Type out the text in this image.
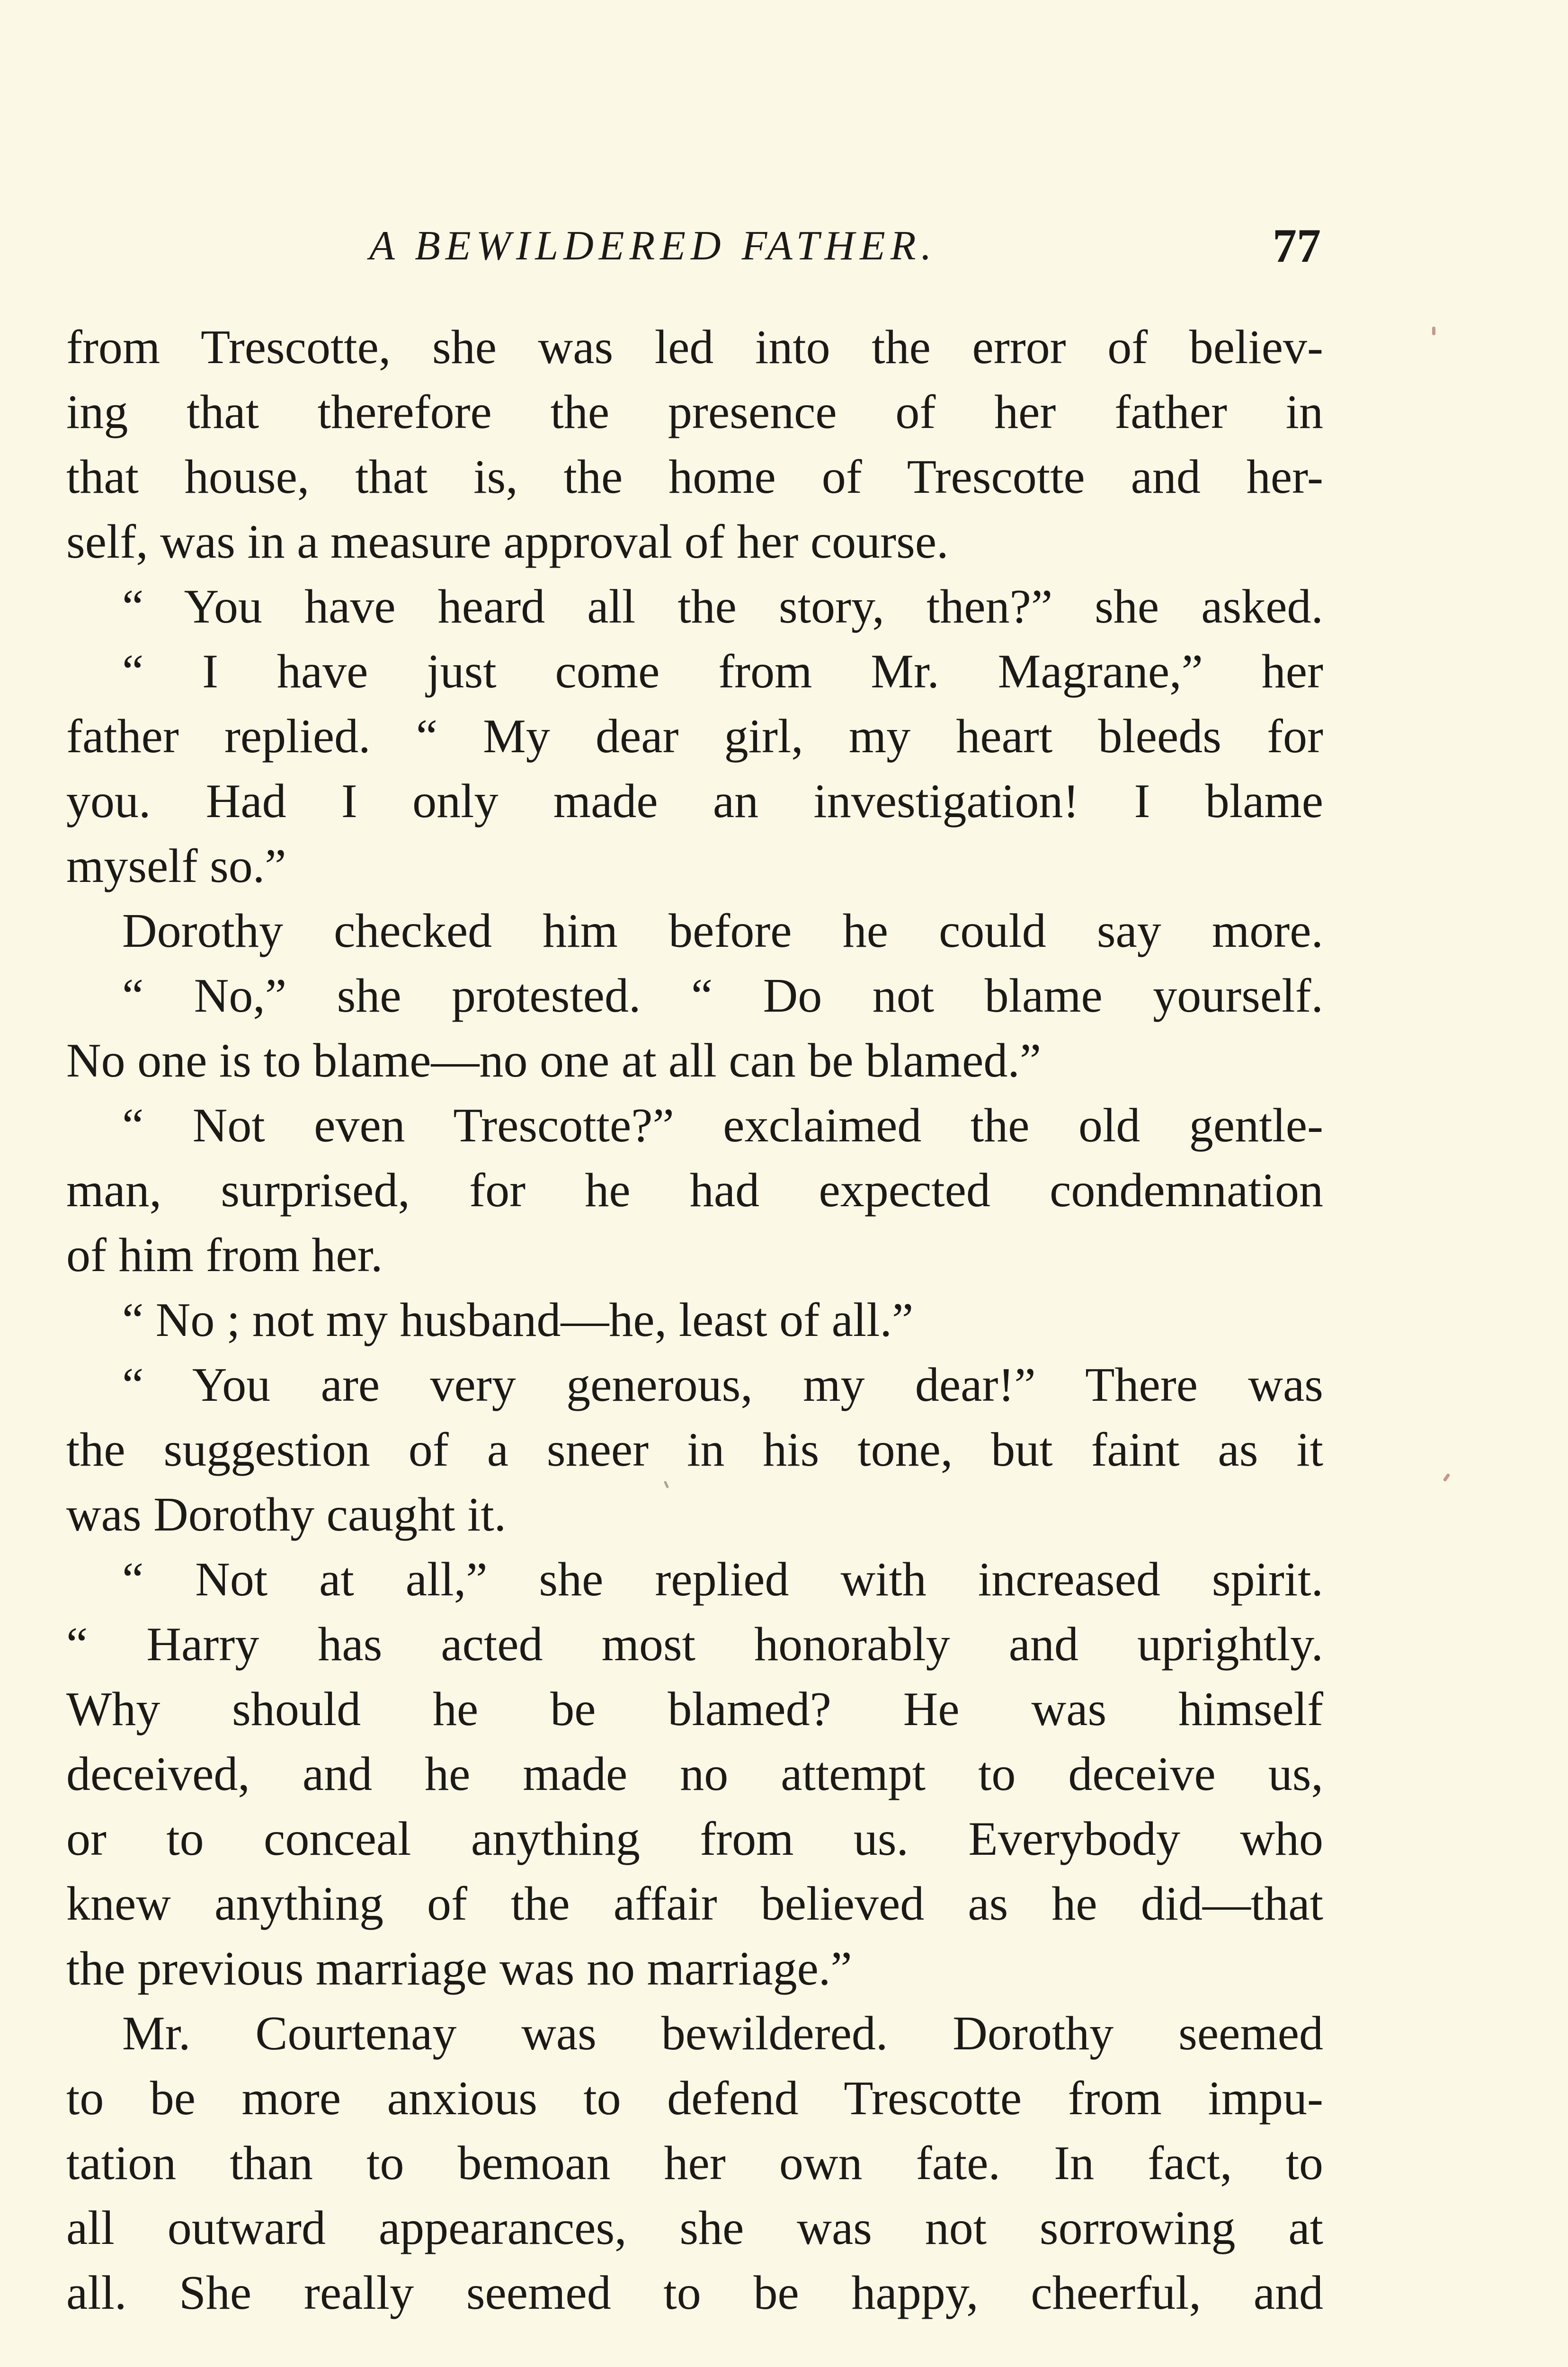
A BEWILDERED FATHER.	77
from Trescotte, she was led into the error of believ-
ing that therefore the presence of her father in
that house, that is, the home of Trescotte and her-
self, was in a measure approval of her course.
“ You have heard all the story, then?” she asked.
“ I have just come from Mr. Magrane,” her
father replied. “ My dear girl, my heart bleeds for
you. Had I only made an investigation! I blame
myself so.”
Dorothy checked him before he could say more.
“ No,” she protested. “ Do not blame yourself.
No one is to blame—no one at all can be blamed.”
“ Not even Trescotte?” exclaimed the old gentle-
man, surprised, for he had expected condemnation
of him from her.
“ No ; not my husband—he, least of all.”
“ You are very generous, my dear!” There was
the suggestion of a sneer in his tone, but faint as it
was Dorothy caught it.
“ Not at all,” she replied with increased spirit.
“ Harry has acted most honorably and uprightly.
Why should he be blamed? He was himself
deceived, and he made no attempt to deceive us,
or to conceal anything from us. Everybody who
knew anything of the affair believed as he did—that
the previous marriage was no marriage.”
Mr. Courtenay was bewildered. Dorothy seemed
to be more anxious to defend Trescotte from impu-
tation than to bemoan her own fate. In fact, to
all outward appearances, she was not sorrowing at
all. She really seemed to be happy, cheerful, and
